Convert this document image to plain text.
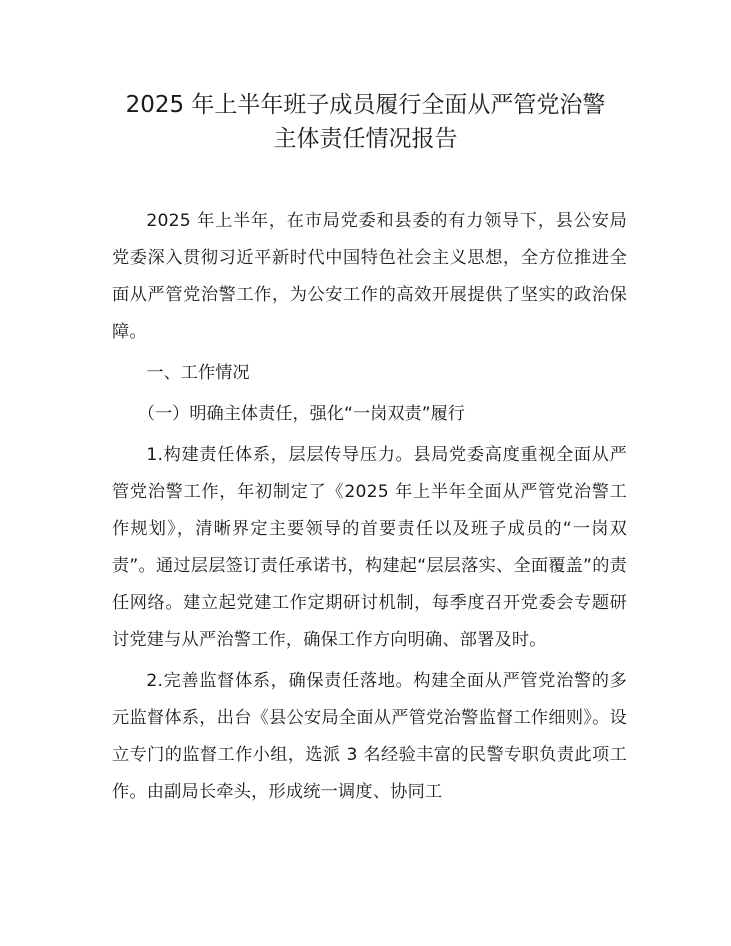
2025 年上半年班子成员履行全面从严管党治警
主体责任情况报告

2025 年上半年，在市局党委和县委的有力领导下，县公安局党委深入贯彻习近平新时代中国特色社会主义思想，全方位推进全面从严管党治警工作，为公安工作的高效开展提供了坚实的政治保障。

一、工作情况

（一）明确主体责任，强化“一岗双责”履行

1.构建责任体系，层层传导压力。县局党委高度重视全面从严管党治警工作，年初制定了《2025 年上半年全面从严管党治警工作规划》，清晰界定主要领导的首要责任以及班子成员的“一岗双责”。通过层层签订责任承诺书，构建起“层层落实、全面覆盖”的责任网络。建立起党建工作定期研讨机制，每季度召开党委会专题研讨党建与从严治警工作，确保工作方向明确、部署及时。

2.完善监督体系，确保责任落地。构建全面从严管党治警的多元监督体系，出台《县公安局全面从严管党治警监督工作细则》。设立专门的监督工作小组，选派 3 名经验丰富的民警专职负责此项工作。由副局长牵头，形成统一调度、协同工
